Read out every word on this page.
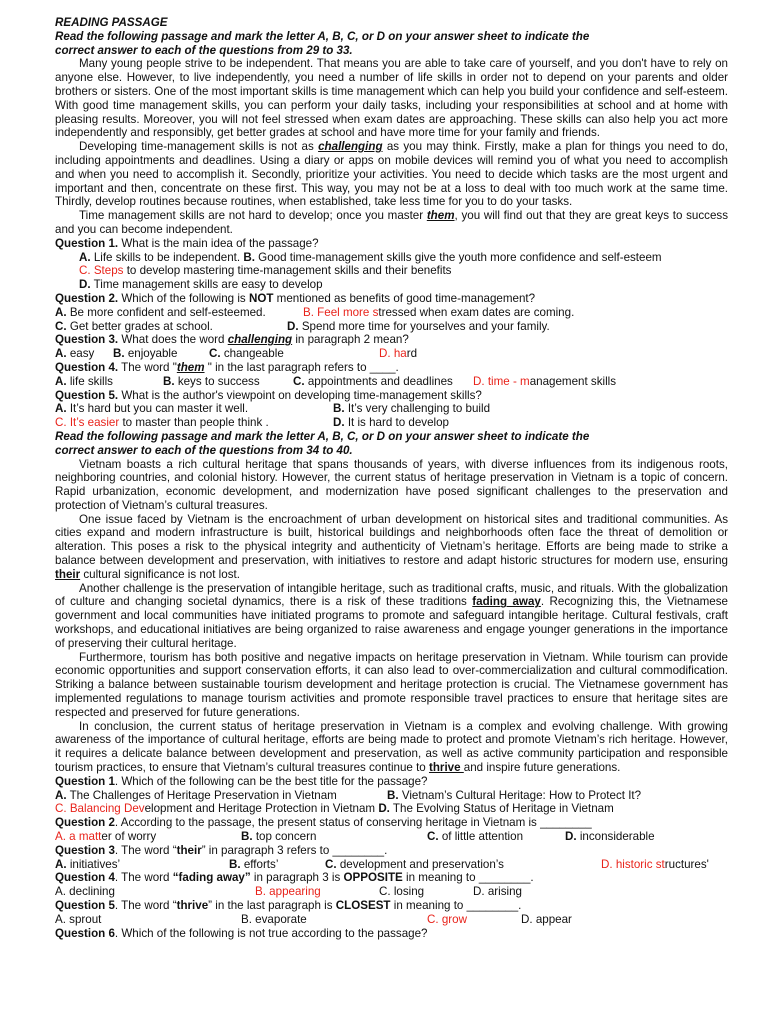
READING PASSAGE

Read the following passage and mark the letter A, B, C, or D on your answer sheet to indicate the

correct answer to each of the questions from 29 to 33.

Many young people strive to be independent. That means you are able to take care of yourself, and you don't have to rely on anyone else. However, to live independently, you need a number of life skills in order not to depend on your parents and older brothers or sisters. One of the most important skills is time management which can help you build your confidence and self-esteem. With good time management skills, you can perform your daily tasks, including your responsibilities at school and at home with pleasing results. Moreover, you will not feel stressed when exam dates are approaching. These skills can also help you act more independently and responsibly, get better grades at school and have more time for your family and friends.

Developing time-management skills is not as challenging as you may think. Firstly, make a plan for things you need to do, including appointments and deadlines. Using a diary or apps on mobile devices will remind you of what you need to accomplish and when you need to accomplish it. Secondly, prioritize your activities. You need to decide which tasks are the most urgent and important and then, concentrate on these first. This way, you may not be at a loss to deal with too much work at the same time. Thirdly, develop routines because routines, when established, take less time for you to do your tasks.

Time management skills are not hard to develop; once you master them, you will find out that they are great keys to success and you can become independent.

Question 1. What is the main idea of the passage?

A. Life skills to be independent. B. Good time-management skills give the youth more confidence and self-esteem

C. Steps to develop mastering time-management skills and their benefits

D. Time management skills are easy to develop

Question 2. Which of the following is NOT mentioned as benefits of good time-management?

A. Be more confident and self-esteemed.	B. Feel more stressed when exam dates are coming.
C. Get better grades at school.	D. Spend more time for yourselves and your family.

Question 3. What does the word challenging in paragraph 2 mean?

A. easy	B. enjoyable	C. changeable	D. hard

Question 4. The word "them " in the last paragraph refers to ____.

A. life skills	B. keys to success	C. appointments and deadlines	D. time - management skills

Question 5. What is the author's viewpoint on developing time-management skills?

A. It’s hard but you can master it well.	B. It’s very challenging to build
C. It’s easier to master than people think .	D. It is hard to develop

Read the following passage and mark the letter A, B, C, or D on your answer sheet to indicate the

correct answer to each of the questions from 34 to 40.

Vietnam boasts a rich cultural heritage that spans thousands of years, with diverse influences from its indigenous roots, neighboring countries, and colonial history. However, the current status of heritage preservation in Vietnam is a topic of concern. Rapid urbanization, economic development, and modernization have posed significant challenges to the preservation and protection of Vietnam’s cultural treasures.

One issue faced by Vietnam is the encroachment of urban development on historical sites and traditional communities. As cities expand and modern infrastructure is built, historical buildings and neighborhoods often face the threat of demolition or alteration. This poses a risk to the physical integrity and authenticity of Vietnam’s heritage. Efforts are being made to strike a balance between development and preservation, with initiatives to restore and adapt historic structures for modern use, ensuring their cultural significance is not lost.

Another challenge is the preservation of intangible heritage, such as traditional crafts, music, and rituals. With the globalization of culture and changing societal dynamics, there is a risk of these traditions fading away. Recognizing this, the Vietnamese government and local communities have initiated programs to promote and safeguard intangible heritage. Cultural festivals, craft workshops, and educational initiatives are being organized to raise awareness and engage younger generations in the importance of preserving their cultural heritage.

Furthermore, tourism has both positive and negative impacts on heritage preservation in Vietnam. While tourism can provide economic opportunities and support conservation efforts, it can also lead to over-commercialization and cultural commodification. Striking a balance between sustainable tourism development and heritage protection is crucial. The Vietnamese government has implemented regulations to manage tourism activities and promote responsible travel practices to ensure that heritage sites are respected and preserved for future generations.

In conclusion, the current status of heritage preservation in Vietnam is a complex and evolving challenge. With growing awareness of the importance of cultural heritage, efforts are being made to protect and promote Vietnam’s rich heritage. However, it requires a delicate balance between development and preservation, as well as active community participation and responsible tourism practices, to ensure that Vietnam’s cultural treasures continue to thrive and inspire future generations.

Question 1. Which of the following can be the best title for the passage?

A. The Challenges of Heritage Preservation in Vietnam	B. Vietnam’s Cultural Heritage: How to Protect It?

C. Balancing Development and Heritage Protection in Vietnam D. The Evolving Status of Heritage in Vietnam

Question 2. According to the passage, the present status of conserving heritage in Vietnam is ________

A. a matter of worry	B. top concern	C. of little attention	D. inconsiderable

Question 3. The word “their” in paragraph 3 refers to ________.

A. initiatives’	B. efforts’	C. development and preservation’s	D. historic structures'

Question 4. The word “fading away” in paragraph 3 is OPPOSITE in meaning to ________.

A. declining	B. appearing	C. losing	D. arising

Question 5. The word “thrive” in the last paragraph is CLOSEST in meaning to ________.

A. sprout	B. evaporate	C. grow	D. appear

Question 6. Which of the following is not true according to the passage?
